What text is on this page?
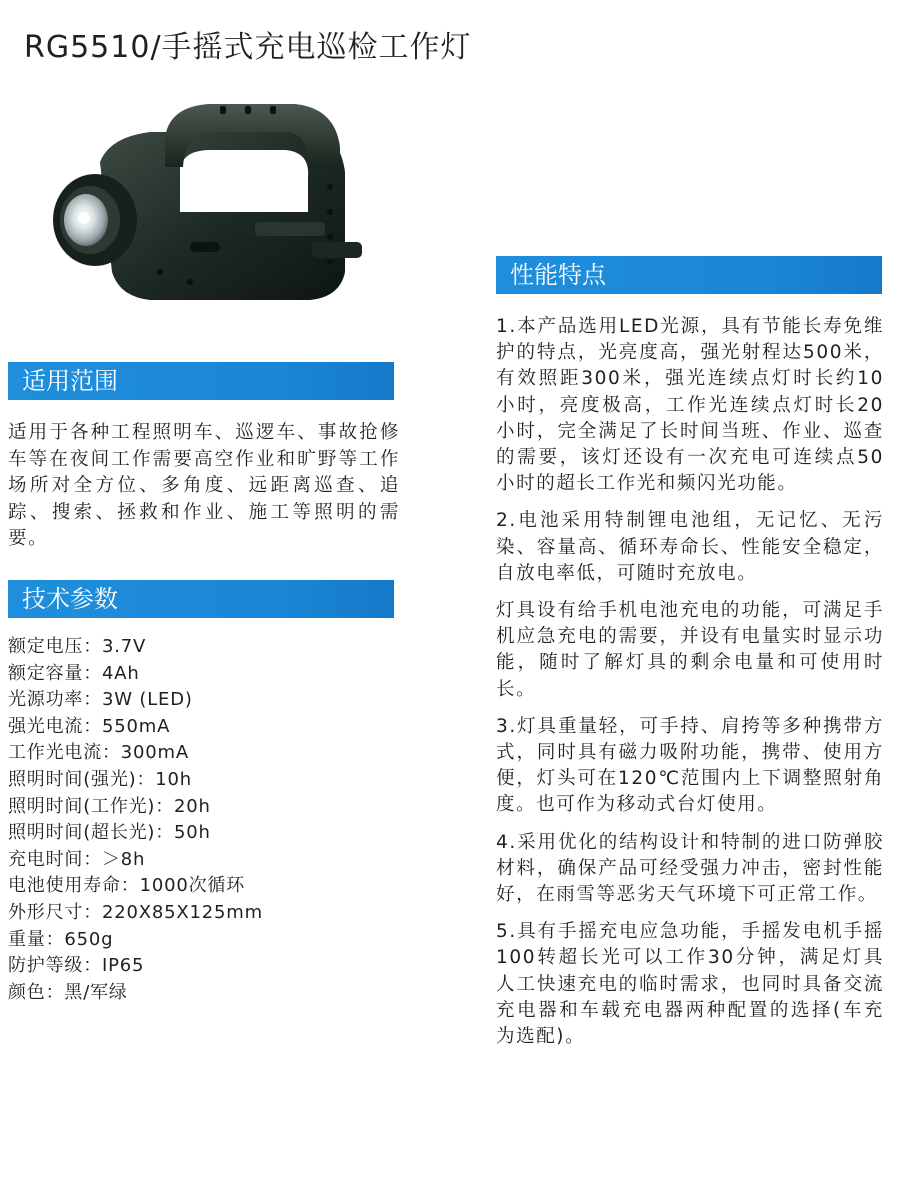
RG5510/手摇式充电巡检工作灯
适用范围

适用于各种工程照明车、巡逻车、事故抢修车等在夜间工作需要高空作业和旷野等工作场所对全方位、多角度、远距离巡查、追踪、搜索、拯救和作业、施工等照明的需要。

技术参数
额定电压：3.7V
额定容量：4Ah
光源功率：3W (LED)
强光电流：550mA
工作光电流：300mA
照明时间(强光)：10h
照明时间(工作光)：20h
照明时间(超长光)：50h
充电时间：＞8h
电池使用寿命：1000次循环
外形尺寸：220X85X125mm
重量：650g
防护等级：IP65
颜色：黑/军绿
性能特点

1.本产品选用LED光源，具有节能长寿免维护的特点，光亮度高，强光射程达500米，有效照距300米，强光连续点灯时长约10小时，亮度极高，工作光连续点灯时长20小时，完全满足了长时间当班、作业、巡查的需要，该灯还设有一次充电可连续点50小时的超长工作光和频闪光功能。

2.电池采用特制锂电池组，无记忆、无污染、容量高、循环寿命长、性能安全稳定，自放电率低，可随时充放电。

灯具设有给手机电池充电的功能，可满足手机应急充电的需要，并设有电量实时显示功能，随时了解灯具的剩余电量和可使用时长。

3.灯具重量轻，可手持、肩挎等多种携带方式，同时具有磁力吸附功能，携带、使用方便，灯头可在120℃范围内上下调整照射角度。也可作为移动式台灯使用。

4.采用优化的结构设计和特制的进口防弹胶材料，确保产品可经受强力冲击，密封性能好，在雨雪等恶劣天气环境下可正常工作。

5.具有手摇充电应急功能，手摇发电机手摇100转超长光可以工作30分钟，满足灯具人工快速充电的临时需求，也同时具备交流充电器和车载充电器两种配置的选择(车充为选配)。
